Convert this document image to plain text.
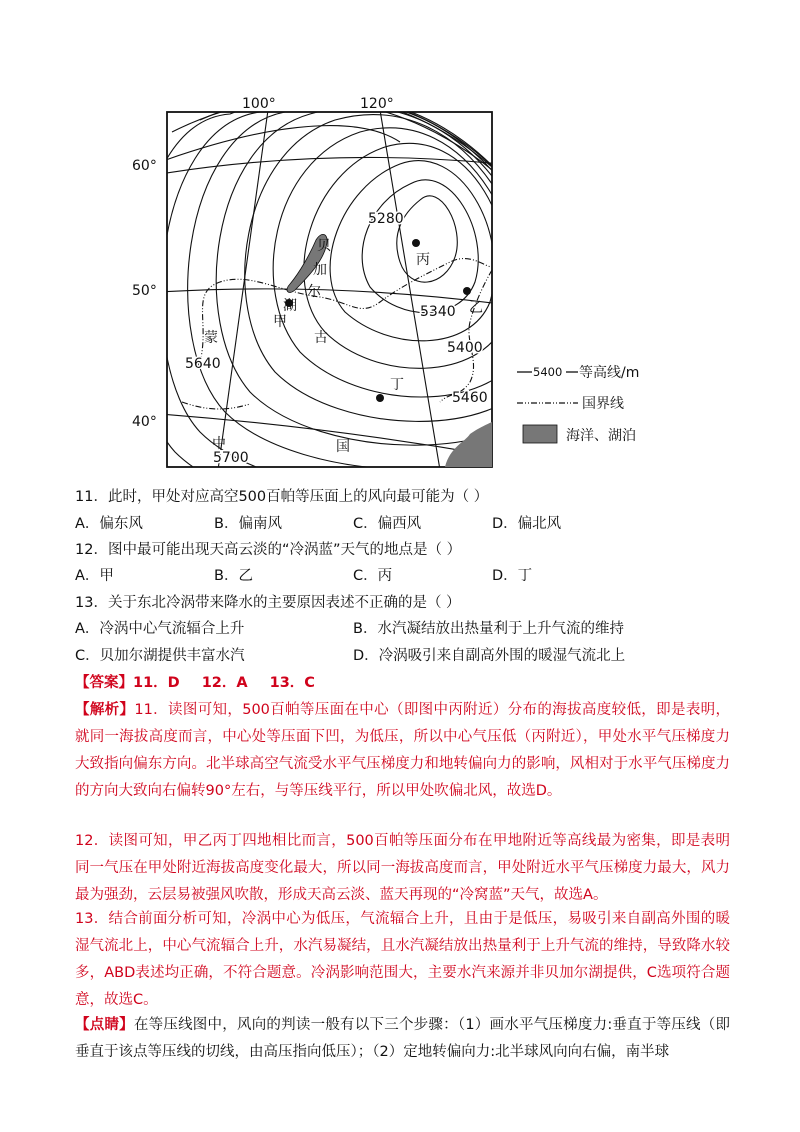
100°	120°
60°
50°
40°
5280
5340
5400
5460
5640
5700
贝
加
尔
湖
蒙	古
中	国
甲
乙
丙
丁
5400 等高线/m
国界线
海洋、湖泊
11．此时，甲处对应高空500百帕等压面上的风向最可能为（ ）
A．偏东风	B．偏南风	C．偏西风	D．偏北风
12．图中最可能出现天高云淡的“冷涡蓝”天气的地点是（ ）
A．甲	B．乙	C．丙	D．丁
13．关于东北冷涡带来降水的主要原因表述不正确的是（ ）
A．冷涡中心气流辐合上升	B．水汽凝结放出热量利于上升气流的维持
C．贝加尔湖提供丰富水汽	D．冷涡吸引来自副高外围的暖湿气流北上
【答案】11．D 12．A 13．C
【解析】11．读图可知，500百帕等压面在中心（即图中丙附近）分布的海拔高度较低，即是表明，就同一海拔高度而言，中心处等压面下凹，为低压，所以中心气压低（丙附近），甲处水平气压梯度力大致指向偏东方向。北半球高空气流受水平气压梯度力和地转偏向力的影响，风相对于水平气压梯度力的方向大致向右偏转90°左右，与等压线平行，所以甲处吹偏北风，故选D。
12．读图可知，甲乙丙丁四地相比而言，500百帕等压面分布在甲地附近等高线最为密集，即是表明同一气压在甲处附近海拔高度变化最大，所以同一海拔高度而言，甲处附近水平气压梯度力最大，风力最为强劲，云层易被强风吹散，形成天高云淡、蓝天再现的“冷窝蓝”天气，故选A。
13．结合前面分析可知，冷涡中心为低压，气流辐合上升，且由于是低压，易吸引来自副高外围的暖湿气流北上，中心气流辐合上升，水汽易凝结，且水汽凝结放出热量利于上升气流的维持，导致降水较多，ABD表述均正确，不符合题意。冷涡影响范围大，主要水汽来源并非贝加尔湖提供，C选项符合题意，故选C。
【点睛】在等压线图中，风向的判读一般有以下三个步骤：（1）画水平气压梯度力:垂直于等压线（即垂直于该点等压线的切线，由高压指向低压）；（2）定地转偏向力:北半球风向向右偏，南半球
